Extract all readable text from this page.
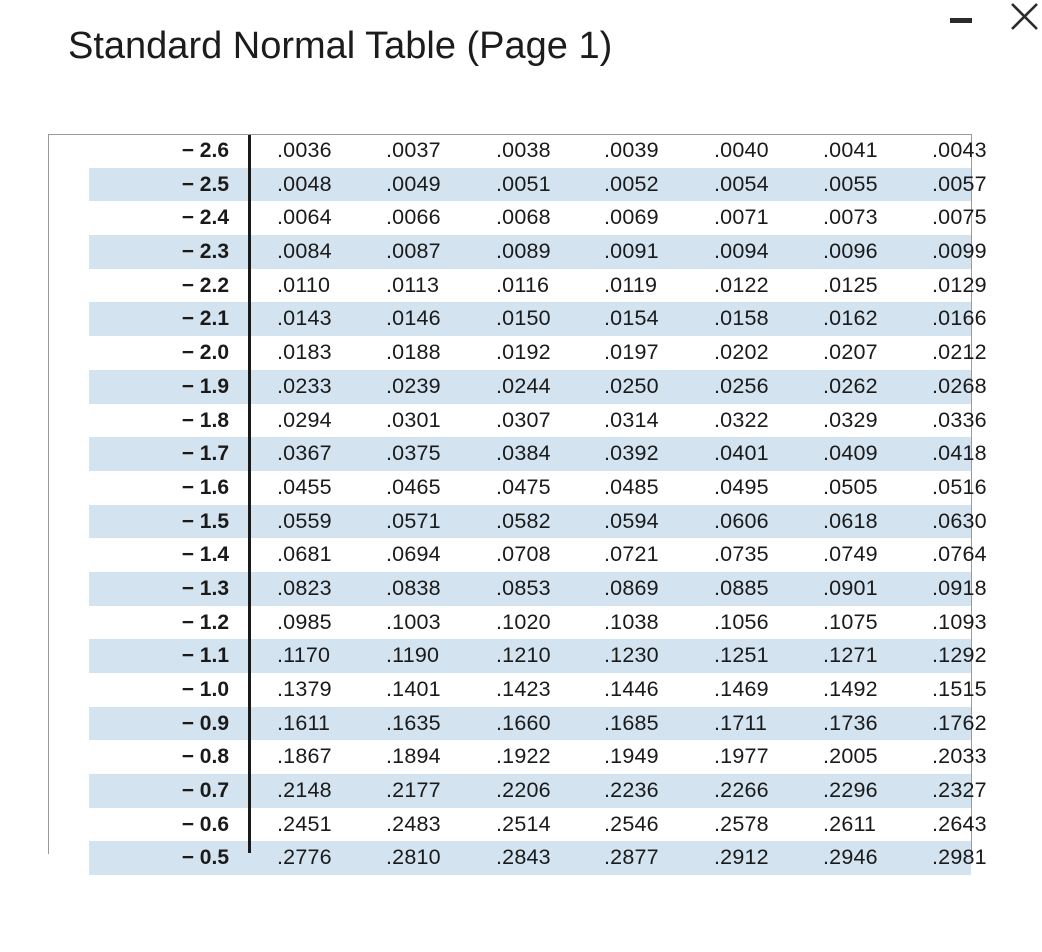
Standard Normal Table (Page 1)
− 2.6 .0036	.0037	.0038 .0039	.0040	.0041	.0043
− 2.5 .0048	.0049	.0051 .0052	.0054	.0055	.0057
− 2.4 .0064	.0066	.0068 .0069	.0071	.0073	.0075
− 2.3 .0084	.0087	.0089 .0091	.0094	.0096	.0099
− 2.2 .0110	.0113	.0116	.0119	.0122	.0125	.0129
− 2.1 .0143	.0146	.0150 .0154	.0158	.0162	.0166
− 2.0 .0183	.0188	.0192 .0197	.0202	.0207	.0212
− 1.9 .0233	.0239	.0244 .0250	.0256	.0262	.0268
− 1.8 .0294	.0301	.0307 .0314	.0322	.0329	.0336
− 1.7 .0367	.0375	.0384 .0392	.0401	.0409	.0418
− 1.6 .0455	.0465	.0475 .0485	.0495	.0505	.0516
− 1.5 .0559	.0571	.0582 .0594	.0606	.0618	.0630
− 1.4 .0681	.0694	.0708 .0721	.0735	.0749	.0764
− 1.3 .0823	.0838	.0853 .0869	.0885	.0901	.0918
− 1.2 .0985	.1003	.1020 .1038	.1056	.1075	.1093
− 1.1 .1170	.1190	.1210 .1230	.1251	.1271	.1292
− 1.0 .1379	.1401	.1423 .1446	.1469	.1492	.1515
− 0.9 .1611	.1635	.1660 .1685	.1711	.1736	.1762
− 0.8 .1867	.1894	.1922 .1949	.1977	.2005	.2033
− 0.7 .2148	.2177	.2206 .2236	.2266	.2296	.2327
− 0.6 .2451	.2483	.2514 .2546	.2578	.2611	.2643
− 0.5 .2776	.2810	.2843 .2877	.2912	.2946	.2981
